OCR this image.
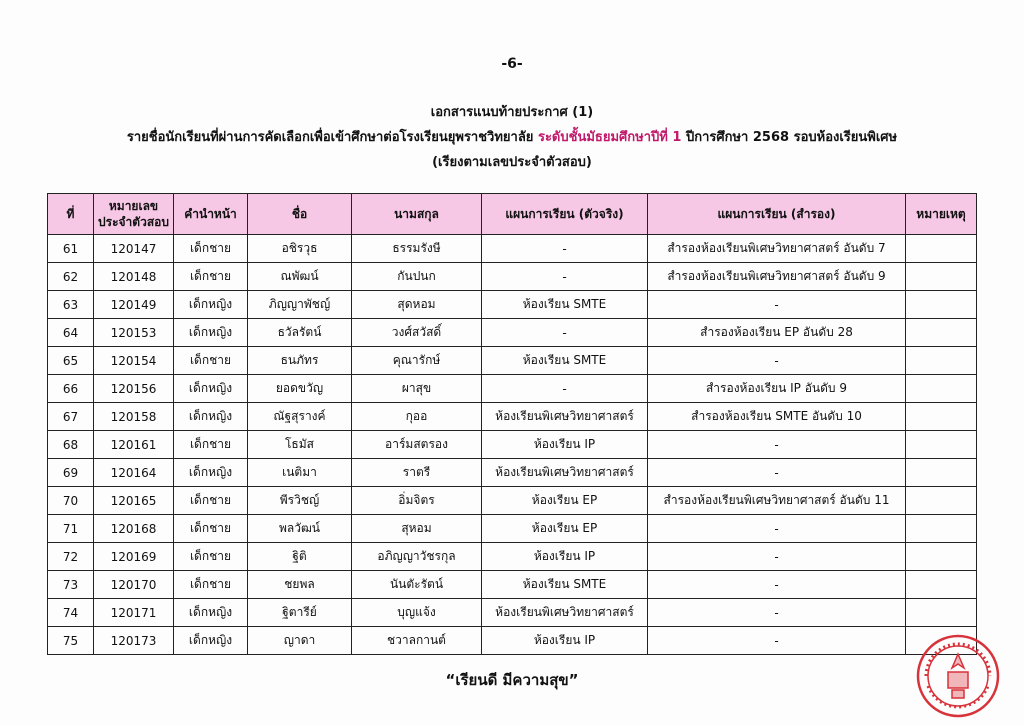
-6-
เอกสารแนบท้ายประกาศ (1)
รายชื่อนักเรียนที่ผ่านการคัดเลือกเพื่อเข้าศึกษาต่อโรงเรียนยุพราชวิทยาลัย ระดับชั้นมัธยมศึกษาปีที่ 1 ปีการศึกษา 2568 รอบห้องเรียนพิเศษ
(เรียงตามเลขประจำตัวสอบ)
ที่	หมายเลขประจำตัวสอบ	คำนำหน้า	ชื่อ	นามสกุล	แผนการเรียน (ตัวจริง)	แผนการเรียน (สำรอง)	หมายเหตุ
61	120147	เด็กชาย	อชิรวุธ	ธรรมรังษี	-	สำรองห้องเรียนพิเศษวิทยาศาสตร์ อันดับ 7	
62	120148	เด็กชาย	ณพัฒน์	กันปนก	-	สำรองห้องเรียนพิเศษวิทยาศาสตร์ อันดับ 9	
63	120149	เด็กหญิง	ภิญญาพัชญ์	สุดหอม	ห้องเรียน SMTE	-	
64	120153	เด็กหญิง	ธวัลรัตน์	วงศ์สวัสดิ์	-	สำรองห้องเรียน EP อันดับ 28	
65	120154	เด็กชาย	ธนภัทร	คุณารักษ์	ห้องเรียน SMTE	-	
66	120156	เด็กหญิง	ยอดขวัญ	ผาสุข	-	สำรองห้องเรียน IP อันดับ 9	
67	120158	เด็กหญิง	ณัฐสุรางค์	กุออ	ห้องเรียนพิเศษวิทยาศาสตร์	สำรองห้องเรียน SMTE อันดับ 10	
68	120161	เด็กชาย	โธมัส	อาร์มสตรอง	ห้องเรียน IP	-	
69	120164	เด็กหญิง	เนติมา	ราตรี	ห้องเรียนพิเศษวิทยาศาสตร์	-	
70	120165	เด็กชาย	พีรวิชญ์	อิ่มจิตร	ห้องเรียน EP	สำรองห้องเรียนพิเศษวิทยาศาสตร์ อันดับ 11	
71	120168	เด็กชาย	พลวัฒน์	สุหอม	ห้องเรียน EP	-	
72	120169	เด็กชาย	ฐิติ	อภิญญาวัชรกุล	ห้องเรียน IP	-	
73	120170	เด็กชาย	ชยพล	นันตัะรัตน์	ห้องเรียน SMTE	-	
74	120171	เด็กหญิง	ฐิตารีย์	บุญแจ้ง	ห้องเรียนพิเศษวิทยาศาสตร์	-	
75	120173	เด็กหญิง	ญาดา	ชวาลกานต์	ห้องเรียน IP	-	
“เรียนดี มีความสุข”
